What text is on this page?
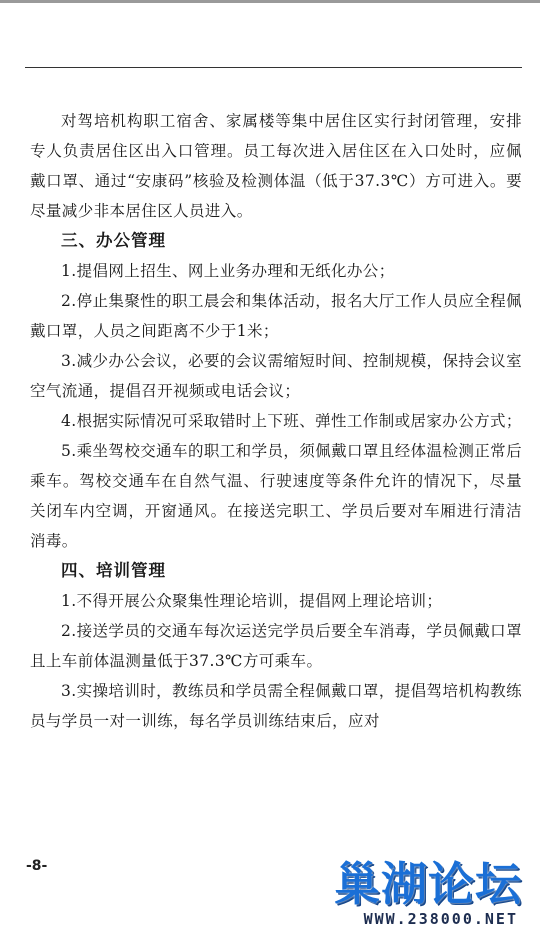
对驾培机构职工宿舍、家属楼等集中居住区实行封闭管理，安排专人负责居住区出入口管理。员工每次进入居住区在入口处时，应佩戴口罩、通过“安康码”核验及检测体温（低于37.3℃）方可进入。要尽量减少非本居住区人员进入。

三、办公管理

1.提倡网上招生、网上业务办理和无纸化办公；

2.停止集聚性的职工晨会和集体活动，报名大厅工作人员应全程佩戴口罩，人员之间距离不少于1米；

3.减少办公会议，必要的会议需缩短时间、控制规模，保持会议室空气流通，提倡召开视频或电话会议；

4.根据实际情况可采取错时上下班、弹性工作制或居家办公方式；

5.乘坐驾校交通车的职工和学员，须佩戴口罩且经体温检测正常后乘车。驾校交通车在自然气温、行驶速度等条件允许的情况下，尽量关闭车内空调，开窗通风。在接送完职工、学员后要对车厢进行清洁消毒。

四、培训管理

1.不得开展公众聚集性理论培训，提倡网上理论培训；

2.接送学员的交通车每次运送完学员后要全车消毒，学员佩戴口罩且上车前体温测量低于37.3℃方可乘车。

3.实操培训时，教练员和学员需全程佩戴口罩，提倡驾培机构教练员与学员一对一训练，每名学员训练结束后，应对

-8-	巢湖论坛
WWW.238000.NET
